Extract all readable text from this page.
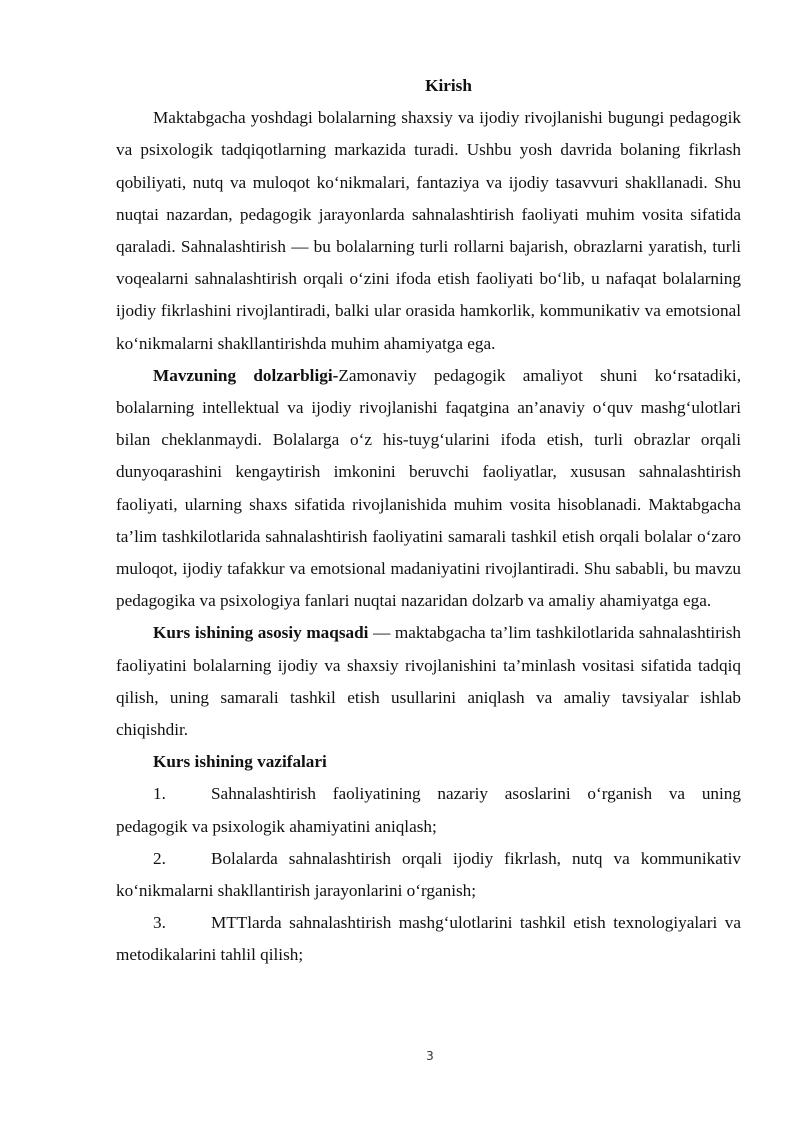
Kirish

Maktabgacha yoshdagi bolalarning shaxsiy va ijodiy rivojlanishi bugungi pedagogik va psixologik tadqiqotlarning markazida turadi. Ushbu yosh davrida bolaning fikrlash qobiliyati, nutq va muloqot ko‘nikmalari, fantaziya va ijodiy tasavvuri shakllanadi. Shu nuqtai nazardan, pedagogik jarayonlarda sahnalashtirish faoliyati muhim vosita sifatida qaraladi. Sahnalashtirish — bu bolalarning turli rollarni bajarish, obrazlarni yaratish, turli voqealarni sahnalashtirish orqali o‘zini ifoda etish faoliyati bo‘lib, u nafaqat bolalarning ijodiy fikrlashini rivojlantiradi, balki ular orasida hamkorlik, kommunikativ va emotsional ko‘nikmalarni shakllantirishda muhim ahamiyatga ega.

Mavzuning dolzarbligi-Zamonaviy pedagogik amaliyot shuni ko‘rsatadiki, bolalarning intellektual va ijodiy rivojlanishi faqatgina an’anaviy o‘quv mashg‘ulotlari bilan cheklanmaydi. Bolalarga o‘z his-tuyg‘ularini ifoda etish, turli obrazlar orqali dunyoqarashini kengaytirish imkonini beruvchi faoliyatlar, xususan sahnalashtirish faoliyati, ularning shaxs sifatida rivojlanishida muhim vosita hisoblanadi. Maktabgacha ta’lim tashkilotlarida sahnalashtirish faoliyatini samarali tashkil etish orqali bolalar o‘zaro muloqot, ijodiy tafakkur va emotsional madaniyatini rivojlantiradi. Shu sababli, bu mavzu pedagogika va psixologiya fanlari nuqtai nazaridan dolzarb va amaliy ahamiyatga ega.

Kurs ishining asosiy maqsadi — maktabgacha ta’lim tashkilotlarida sahnalashtirish faoliyatini bolalarning ijodiy va shaxsiy rivojlanishini ta’minlash vositasi sifatida tadqiq qilish, uning samarali tashkil etish usullarini aniqlash va amaliy tavsiyalar ishlab chiqishdir.

Kurs ishining vazifalari

1.	Sahnalashtirish faoliyatining nazariy asoslarini o‘rganish va uning pedagogik va psixologik ahamiyatini aniqlash;

2.	Bolalarda sahnalashtirish orqali ijodiy fikrlash, nutq va kommunikativ ko‘nikmalarni shakllantirish jarayonlarini o‘rganish;

3.	MTTlarda sahnalashtirish mashg‘ulotlarini tashkil etish texnologiyalari va metodikalarini tahlil qilish;

3
